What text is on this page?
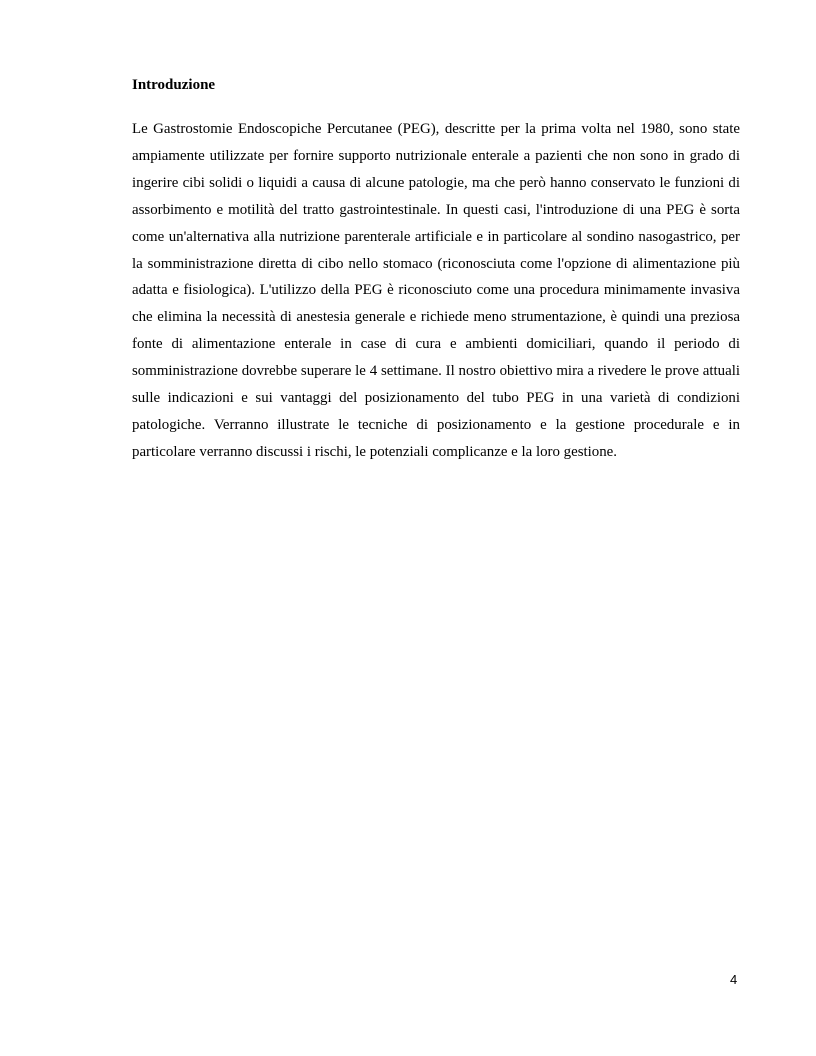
Introduzione

Le Gastrostomie Endoscopiche Percutanee (PEG), descritte per la prima volta nel 1980, sono state ampiamente utilizzate per fornire supporto nutrizionale enterale a pazienti che non sono in grado di ingerire cibi solidi o liquidi a causa di alcune patologie, ma che però hanno conservato le funzioni di assorbimento e motilità del tratto gastrointestinale. In questi casi, l'introduzione di una PEG è sorta come un'alternativa alla nutrizione parenterale artificiale e in particolare al sondino nasogastrico, per la somministrazione diretta di cibo nello stomaco (riconosciuta come l'opzione di alimentazione più adatta e fisiologica). L'utilizzo della PEG è riconosciuto come una procedura minimamente invasiva che elimina la necessità di anestesia generale e richiede meno strumentazione, è quindi una preziosa fonte di alimentazione enterale in case di cura e ambienti domiciliari, quando il periodo di somministrazione dovrebbe superare le 4 settimane. Il nostro obiettivo mira a rivedere le prove attuali sulle indicazioni e sui vantaggi del posizionamento del tubo PEG in una varietà di condizioni patologiche. Verranno illustrate le tecniche di posizionamento e la gestione procedurale e in particolare verranno discussi i rischi, le potenziali complicanze e la loro gestione.

4
